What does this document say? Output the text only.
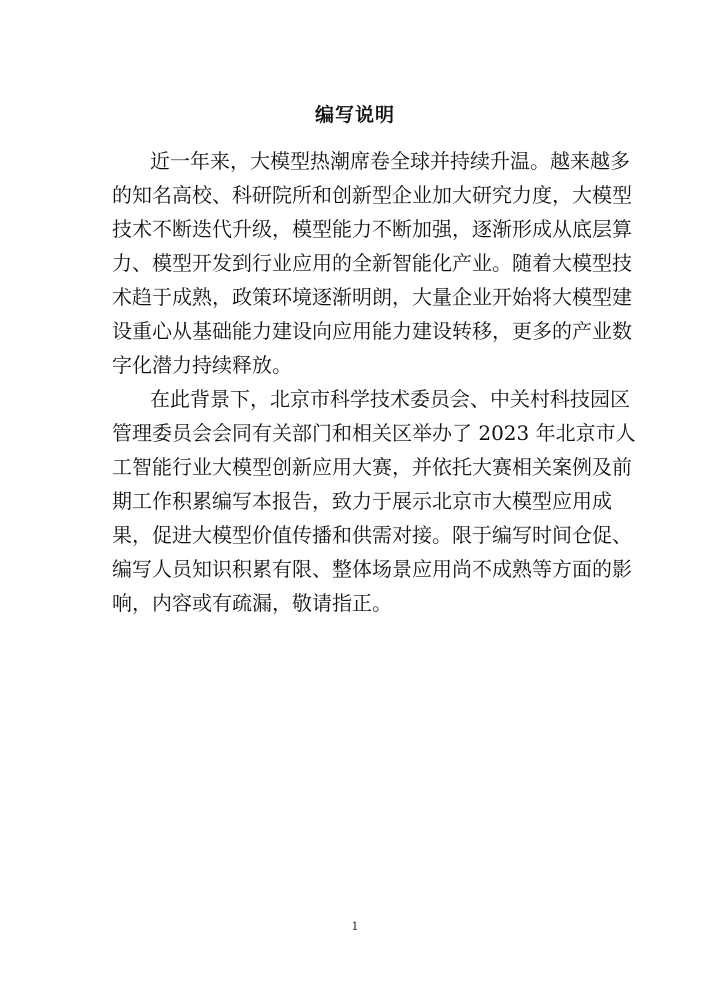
编写说明
近一年来，大模型热潮席卷全球并持续升温。越来越多
的知名高校、科研院所和创新型企业加大研究力度，大模型
技术不断迭代升级，模型能力不断加强，逐渐形成从底层算
力、模型开发到行业应用的全新智能化产业。随着大模型技
术趋于成熟，政策环境逐渐明朗，大量企业开始将大模型建
设重心从基础能力建设向应用能力建设转移，更多的产业数
字化潜力持续释放。
在此背景下，北京市科学技术委员会、中关村科技园区
管理委员会会同有关部门和相关区举办了 2023 年北京市人
工智能行业大模型创新应用大赛，并依托大赛相关案例及前
期工作积累编写本报告，致力于展示北京市大模型应用成
果，促进大模型价值传播和供需对接。限于编写时间仓促、
编写人员知识积累有限、整体场景应用尚不成熟等方面的影
响，内容或有疏漏，敬请指正。
1
